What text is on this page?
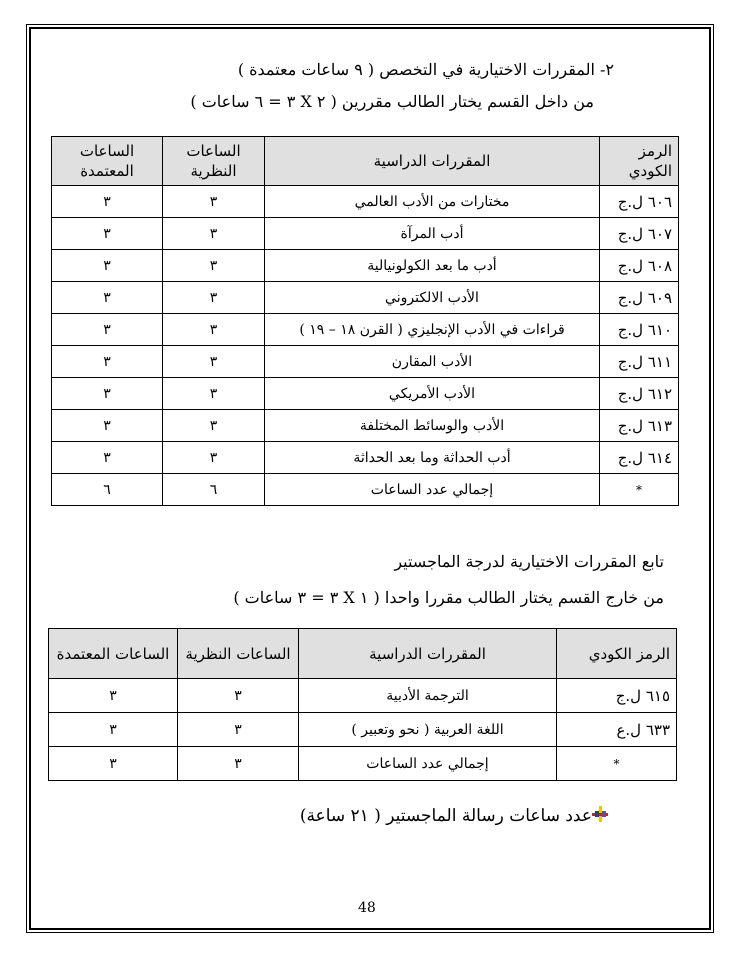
٢- المقررات الاختيارية في التخصص ( ٩ ساعات معتمدة )
من داخل القسم يختار الطالب مقررين ( ٢ X ٣ = ٦ ساعات )
الرمز الكودي	المقررات الدراسية	الساعات النظرية	الساعات المعتمدة
٦٠٦ ل.ج	مختارات من الأدب العالمي	٣	٣
٦٠٧ ل.ج	أدب المرآة	٣	٣
٦٠٨ ل.ج	أدب ما بعد الكولونيالية	٣	٣
٦٠٩ ل.ج	الأدب الالكتروني	٣	٣
٦١٠ ل.ج	قراءات في الأدب الإنجليزي ( القرن ١٨ – ١٩ )	٣	٣
٦١١ ل.ج	الأدب المقارن	٣	٣
٦١٢ ل.ج	الأدب الأمريكي	٣	٣
٦١٣ ل.ج	الأدب والوسائط المختلفة	٣	٣
٦١٤ ل.ج	أدب الحداثة وما بعد الحداثة	٣	٣
*	إجمالي عدد الساعات	٦	٦
تابع المقررات الاختيارية لدرجة الماجستير
من خارج القسم يختار الطالب مقررا واحدا ( ١ X ٣ = ٣ ساعات )
الرمز الكودي	المقررات الدراسية	الساعات النظرية	الساعات المعتمدة
٦١٥ ل.ج	الترجمة الأدبية	٣	٣
٦٣٣ ل.ع	اللغة العربية ( نحو وتعبير )	٣	٣
*	إجمالي عدد الساعات	٣	٣
عدد ساعات رسالة الماجستير ( ٢١ ساعة)
48
